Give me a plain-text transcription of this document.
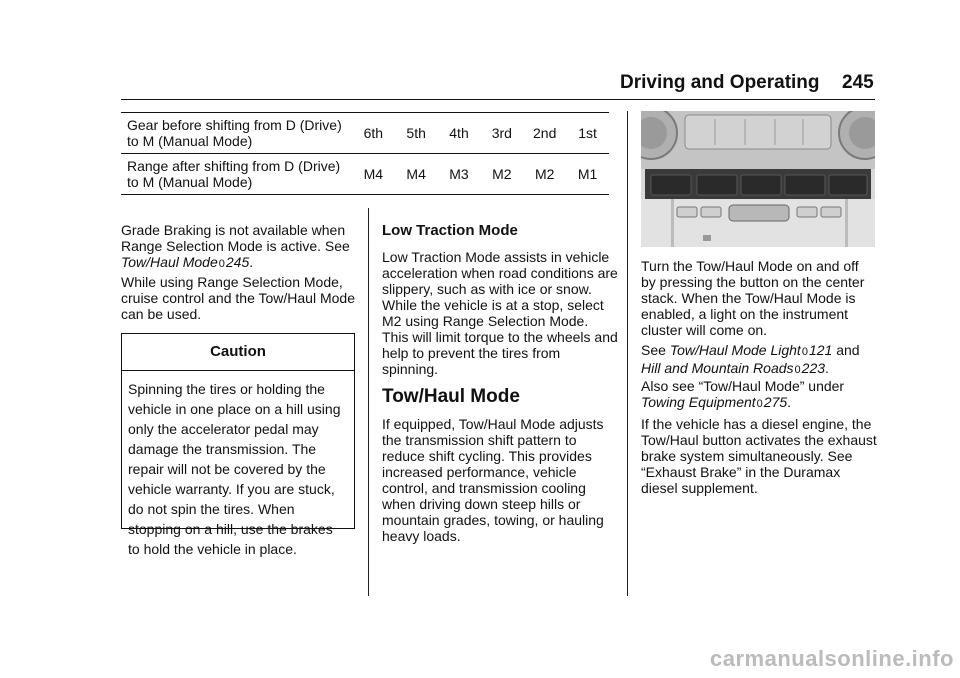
Driving and Operating 245
Gear before shifting from D (Drive) to M (Manual Mode)	6th	5th	4th	3rd	2nd	1st
Range after shifting from D (Drive) to M (Manual Mode)	M4	M4	M3	M2	M2	M1
Grade Braking is not available when Range Selection Mode is active. See
Tow/Haul Mode0245.
While using Range Selection Mode, cruise control and the Tow/Haul Mode can be used.
Caution
Spinning the tires or holding the vehicle in one place on a hill using only the accelerator pedal may damage the transmission. The repair will not be covered by the vehicle warranty. If you are stuck, do not spin the tires. When stopping on a hill, use the brakes to hold the vehicle in place.
Low Traction Mode
Low Traction Mode assists in vehicle acceleration when road conditions are slippery, such as with ice or snow. While the vehicle is at a stop, select M2 using Range Selection Mode. This will limit torque to the wheels and help to prevent the tires from spinning.
Tow/Haul Mode
If equipped, Tow/Haul Mode adjusts the transmission shift pattern to reduce shift cycling. This provides increased performance, vehicle control, and transmission cooling when driving down steep hills or mountain grades, towing, or hauling heavy loads.
Turn the Tow/Haul Mode on and off by pressing the button on the center stack. When the Tow/Haul Mode is enabled, a light on the instrument cluster will come on.
See Tow/Haul Mode Light0121 and
Hill and Mountain Roads0223.
Also see “Tow/Haul Mode” under
Towing Equipment0275.
If the vehicle has a diesel engine, the Tow/Haul button activates the exhaust brake system simultaneously. See “Exhaust Brake” in the Duramax diesel supplement.
carmanualsonline.info
